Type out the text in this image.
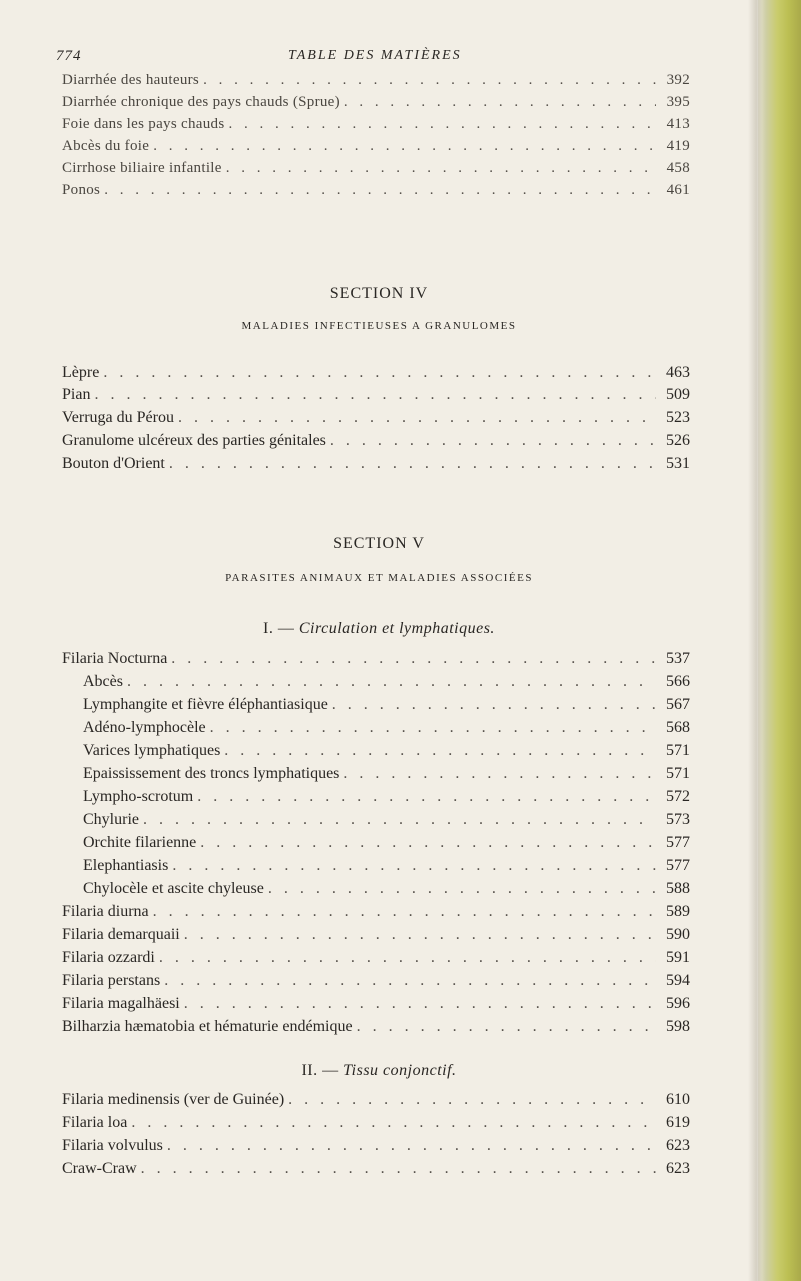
774	TABLE DES MATIÈRES
Diarrhée des hauteurs . . .	392
Diarrhée chronique des pays chauds (Sprue) . . .	395
Foie dans les pays chauds . . .	413
Abcès du foie . . .	419
Cirrhose biliaire infantile . . .	458
Ponos . . .	461
SECTION IV
MALADIES INFECTIEUSES A GRANULOMES
Lèpre . . .	463
Pian . . .	509
Verruga du Pérou . . .	523
Granulome ulcéreux des parties génitales . . .	526
Bouton d'Orient . . .	531
SECTION V
PARASITES ANIMAUX ET MALADIES ASSOCIÉES
I. — Circulation et lymphatiques.
Filaria Nocturna . . .	537
Abcès . . .	566
Lymphangite et fièvre éléphantiasique . . .	567
Adéno-lymphocèle . . .	568
Varices lymphatiques . . .	571
Epaississement des troncs lymphatiques . . .	571
Lympho-scrotum . . .	572
Chylurie . . .	573
Orchite filarienne . . .	577
Elephantiasis . . .	577
Chylocèle et ascite chyleuse . . .	588
Filaria diurna . . .	589
Filaria demarquaii . . .	590
Filaria ozzardi . . .	591
Filaria perstans . . .	594
Filaria magalhäesi . . .	596
Bilharzia hæmatobia et hématurie endémique . . .	598
II. — Tissu conjonctif.
Filaria medinensis (ver de Guinée) . . .	610
Filaria loa . . .	619
Filaria volvulus . . .	623
Craw-Craw . . .	623
